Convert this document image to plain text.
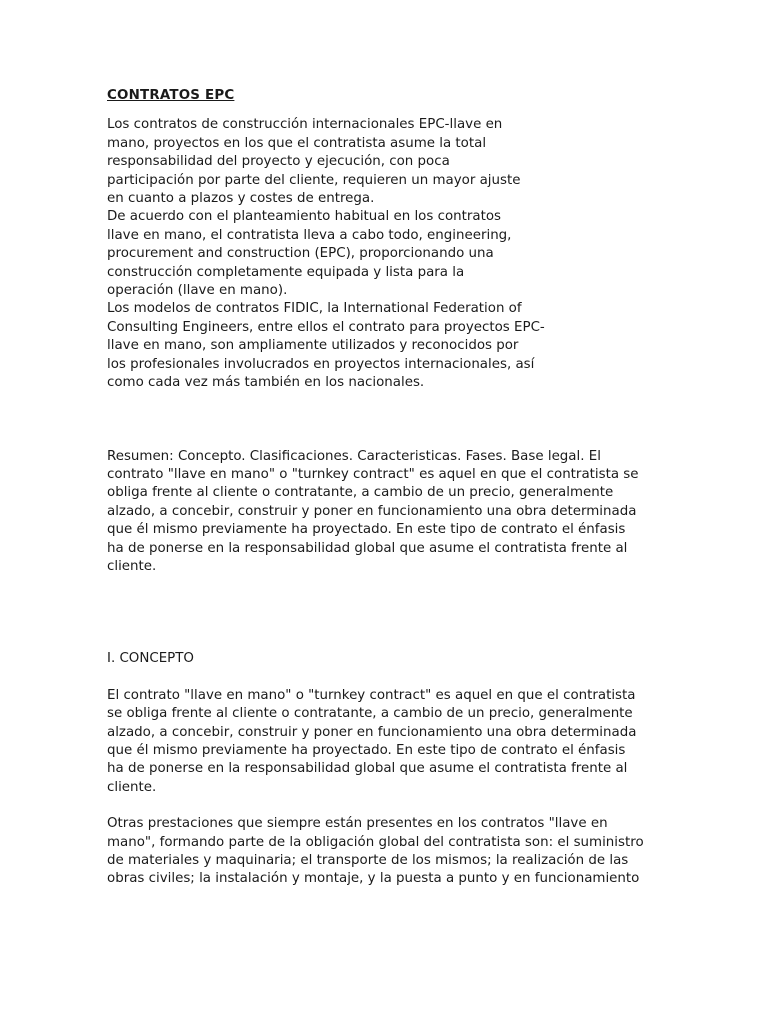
CONTRATOS EPC

Los contratos de construcción internacionales EPC-llave en
mano, proyectos en los que el contratista asume la total
responsabilidad del proyecto y ejecución, con poca
participación por parte del cliente, requieren un mayor ajuste
en cuanto a plazos y costes de entrega.
De acuerdo con el planteamiento habitual en los contratos
llave en mano, el contratista lleva a cabo todo, engineering,
procurement and construction (EPC), proporcionando una
construcción completamente equipada y lista para la
operación (llave en mano).
Los modelos de contratos FIDIC, la International Federation of
Consulting Engineers, entre ellos el contrato para proyectos EPC-
llave en mano, son ampliamente utilizados y reconocidos por
los profesionales involucrados en proyectos internacionales, así
como cada vez más también en los nacionales.

Resumen: Concepto. Clasificaciones. Caracteristicas. Fases. Base legal. El
contrato "llave en mano" o "turnkey contract" es aquel en que el contratista se
obliga frente al cliente o contratante, a cambio de un precio, generalmente
alzado, a concebir, construir y poner en funcionamiento una obra determinada
que él mismo previamente ha proyectado. En este tipo de contrato el énfasis
ha de ponerse en la responsabilidad global que asume el contratista frente al
cliente.

I. CONCEPTO

El contrato "llave en mano" o "turnkey contract" es aquel en que el contratista
se obliga frente al cliente o contratante, a cambio de un precio, generalmente
alzado, a concebir, construir y poner en funcionamiento una obra determinada
que él mismo previamente ha proyectado. En este tipo de contrato el énfasis
ha de ponerse en la responsabilidad global que asume el contratista frente al
cliente.

Otras prestaciones que siempre están presentes en los contratos "llave en
mano", formando parte de la obligación global del contratista son: el suministro
de materiales y maquinaria; el transporte de los mismos; la realización de las
obras civiles; la instalación y montaje, y la puesta a punto y en funcionamiento
